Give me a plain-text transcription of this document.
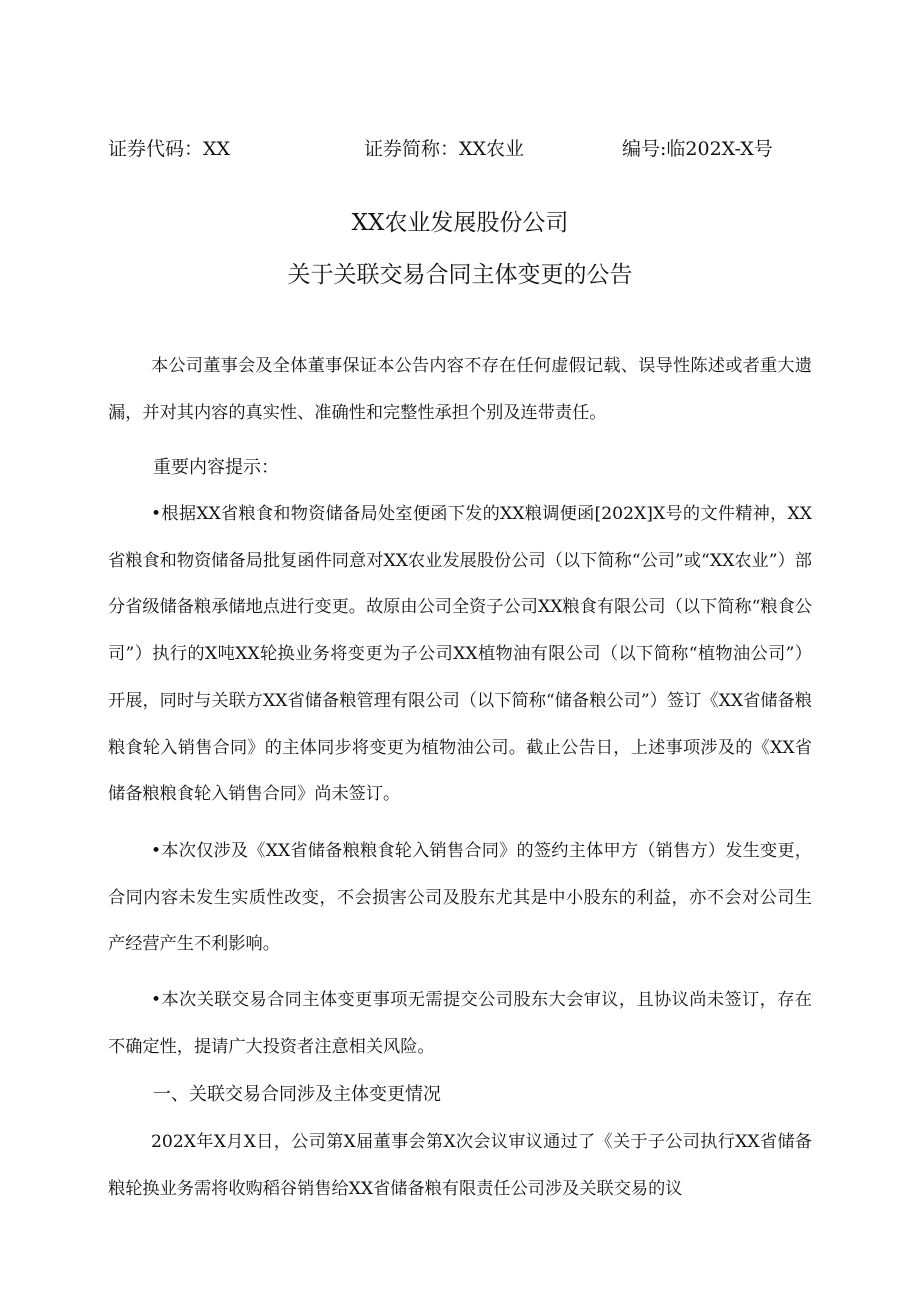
证券代码：XX	证券简称：XX农业	编号:临202X-X号
XX农业发展股份公司
关于关联交易合同主体变更的公告

本公司董事会及全体董事保证本公告内容不存在任何虚假记载、误导性陈述或者重大遗漏，并对其内容的真实性、准确性和完整性承担个别及连带责任。

重要内容提示：

•根据XX省粮食和物资储备局处室便函下发的XX粮调便函[202X]X号的文件精神，XX省粮食和物资储备局批复函件同意对XX农业发展股份公司（以下简称“公司”或“XX农业”）部分省级储备粮承储地点进行变更。故原由公司全资子公司XX粮食有限公司（以下简称“粮食公司”）执行的X吨XX轮换业务将变更为子公司XX植物油有限公司（以下简称“植物油公司”）开展，同时与关联方XX省储备粮管理有限公司（以下简称“储备粮公司”）签订《XX省储备粮粮食轮入销售合同》的主体同步将变更为植物油公司。截止公告日，上述事项涉及的《XX省储备粮粮食轮入销售合同》尚未签订。

•本次仅涉及《XX省储备粮粮食轮入销售合同》的签约主体甲方（销售方）发生变更，合同内容未发生实质性改变，不会损害公司及股东尤其是中小股东的利益，亦不会对公司生产经营产生不利影响。

•本次关联交易合同主体变更事项无需提交公司股东大会审议，且协议尚未签订，存在不确定性，提请广大投资者注意相关风险。

一、关联交易合同涉及主体变更情况

202X年X月X日，公司第X届董事会第X次会议审议通过了《关于子公司执行XX省储备粮轮换业务需将收购稻谷销售给XX省储备粮有限责任公司涉及关联交易的议
